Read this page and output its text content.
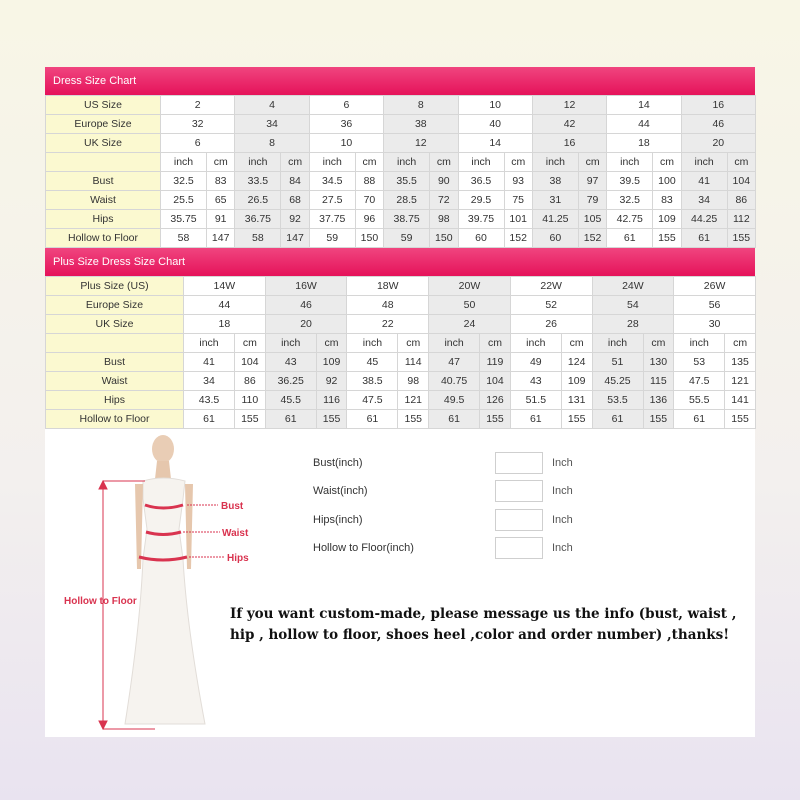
Dress Size Chart
US Size	2		4		6		8		10		12		14		16	
Europe Size	32		34		36		38		40		42		44		46	
UK Size	6		8		10		12		14		16		18		20	
	inch	cm	inch	cm	inch	cm	inch	cm	inch	cm	inch	cm	inch	cm	inch	cm
Bust	32.5	83	33.5	84	34.5	88	35.5	90	36.5	93	38	97	39.5	100	41	104
Waist	25.5	65	26.5	68	27.5	70	28.5	72	29.5	75	31	79	32.5	83	34	86
Hips	35.75	91	36.75	92	37.75	96	38.75	98	39.75	101	41.25	105	42.75	109	44.25	112
Hollow to Floor	58	147	58	147	59	150	59	150	60	152	60	152	61	155	61	155
Plus Size Dress Size Chart
Plus Size (US)	14W		16W		18W		20W		22W		24W		26W	
Europe Size	44		46		48		50		52		54		56	
UK Size	18		20		22		24		26		28		30	
	inch	cm	inch	cm	inch	cm	inch	cm	inch	cm	inch	cm	inch	cm
Bust	41	104	43	109	45	114	47	119	49	124	51	130	53	135
Waist	34	86	36.25	92	38.5	98	40.75	104	43	109	45.25	115	47.5	121
Hips	43.5	110	45.5	116	47.5	121	49.5	126	51.5	131	53.5	136	55.5	141
Hollow to Floor	61	155	61	155	61	155	61	155	61	155	61	155	61	155
Bust
Waist
Hips
Hollow to Floor
Bust(inch)	Inch
Waist(inch)	Inch
Hips(inch)	Inch
Hollow to Floor(inch)	Inch
If you want custom-made, please message us the info (bust, waist , hip , hollow to floor, shoes heel ,color and order number) ,thanks!
